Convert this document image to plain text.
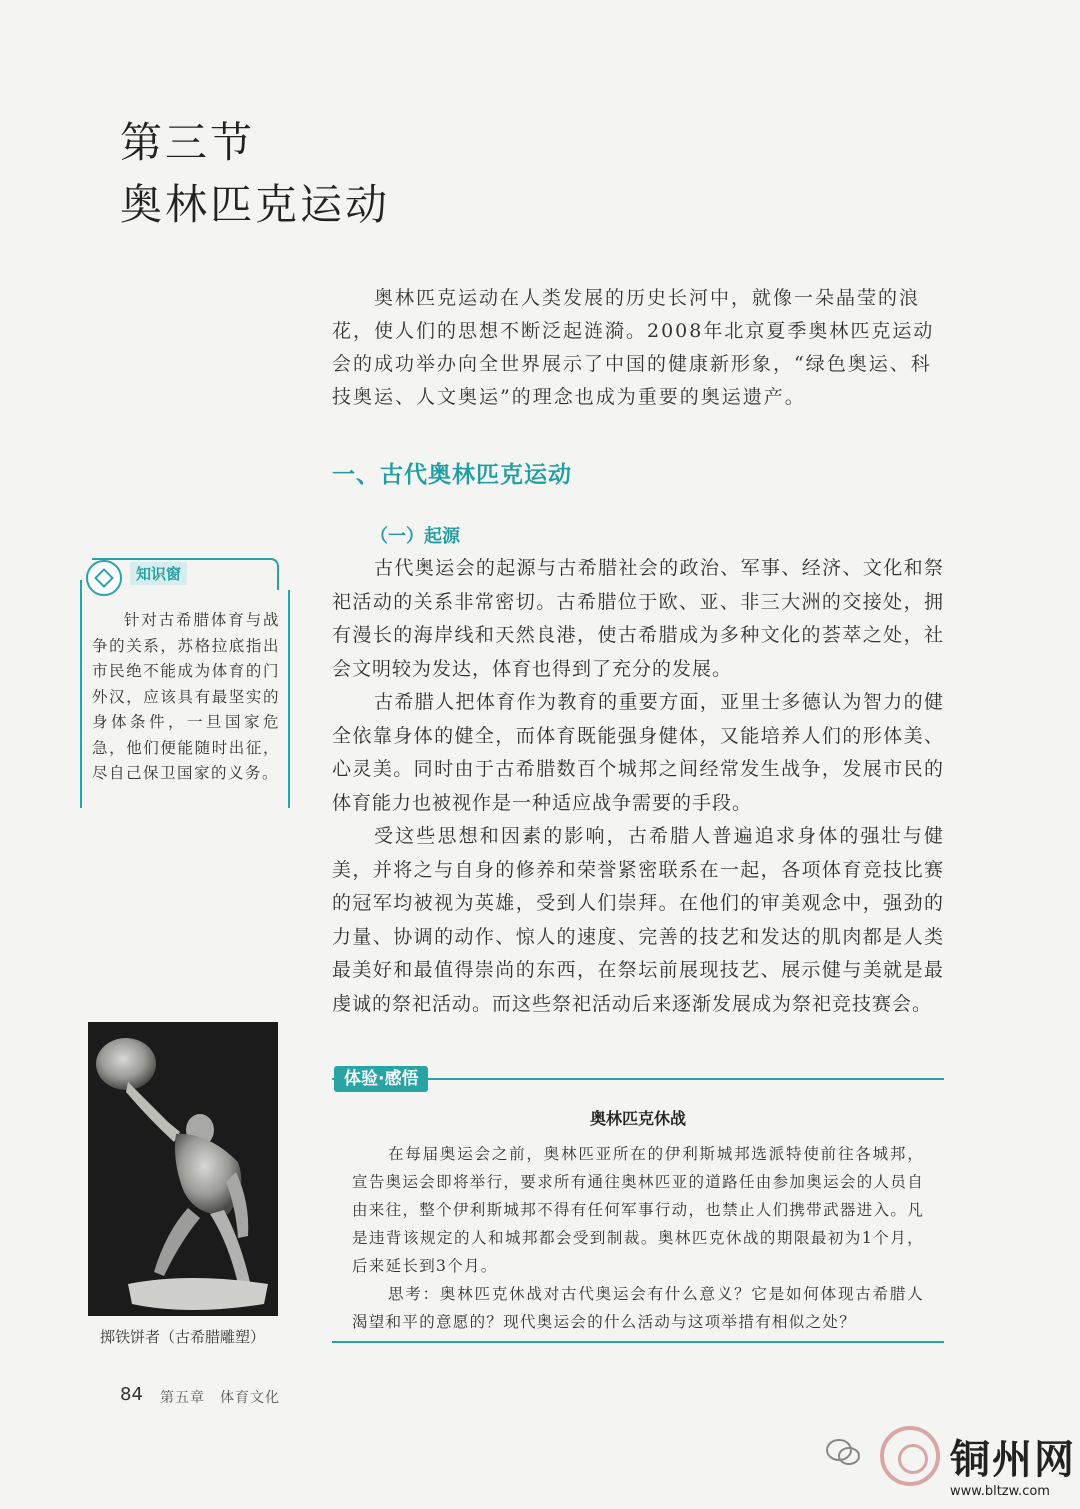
第三节
奥林匹克运动

奥林匹克运动在人类发展的历史长河中，就像一朵晶莹的浪花，使人们的思想不断泛起涟漪。2008年北京夏季奥林匹克运动会的成功举办向全世界展示了中国的健康新形象，“绿色奥运、科技奥运、人文奥运”的理念也成为重要的奥运遗产。

一、古代奥林匹克运动
（一）起源

古代奥运会的起源与古希腊社会的政治、军事、经济、文化和祭祀活动的关系非常密切。古希腊位于欧、亚、非三大洲的交接处，拥有漫长的海岸线和天然良港，使古希腊成为多种文化的荟萃之处，社会文明较为发达，体育也得到了充分的发展。

古希腊人把体育作为教育的重要方面，亚里士多德认为智力的健全依靠身体的健全，而体育既能强身健体，又能培养人们的形体美、心灵美。同时由于古希腊数百个城邦之间经常发生战争，发展市民的体育能力也被视作是一种适应战争需要的手段。

受这些思想和因素的影响，古希腊人普遍追求身体的强壮与健美，并将之与自身的修养和荣誉紧密联系在一起，各项体育竞技比赛的冠军均被视为英雄，受到人们崇拜。在他们的审美观念中，强劲的力量、协调的动作、惊人的速度、完善的技艺和发达的肌肉都是人类最美好和最值得崇尚的东西，在祭坛前展现技艺、展示健与美就是最虔诚的祭祀活动。而这些祭祀活动后来逐渐发展成为祭祀竞技赛会。

知识窗

针对古希腊体育与战争的关系，苏格拉底指出市民绝不能成为体育的门外汉，应该具有最坚实的身体条件，一旦国家危急，他们便能随时出征，尽自己保卫国家的义务。

掷铁饼者（古希腊雕塑）
体验·感悟
奥林匹克休战

在每届奥运会之前，奥林匹亚所在的伊利斯城邦选派特使前往各城邦，宣告奥运会即将举行，要求所有通往奥林匹亚的道路任由参加奥运会的人员自由来往，整个伊利斯城邦不得有任何军事行动，也禁止人们携带武器进入。凡是违背该规定的人和城邦都会受到制裁。奥林匹克休战的期限最初为1个月，后来延长到3个月。

思考：奥林匹克休战对古代奥运会有什么意义？它是如何体现古希腊人渴望和平的意愿的？现代奥运会的什么活动与这项举措有相似之处？

84 第五章　体育文化
铜州网
www.bltzw.com
